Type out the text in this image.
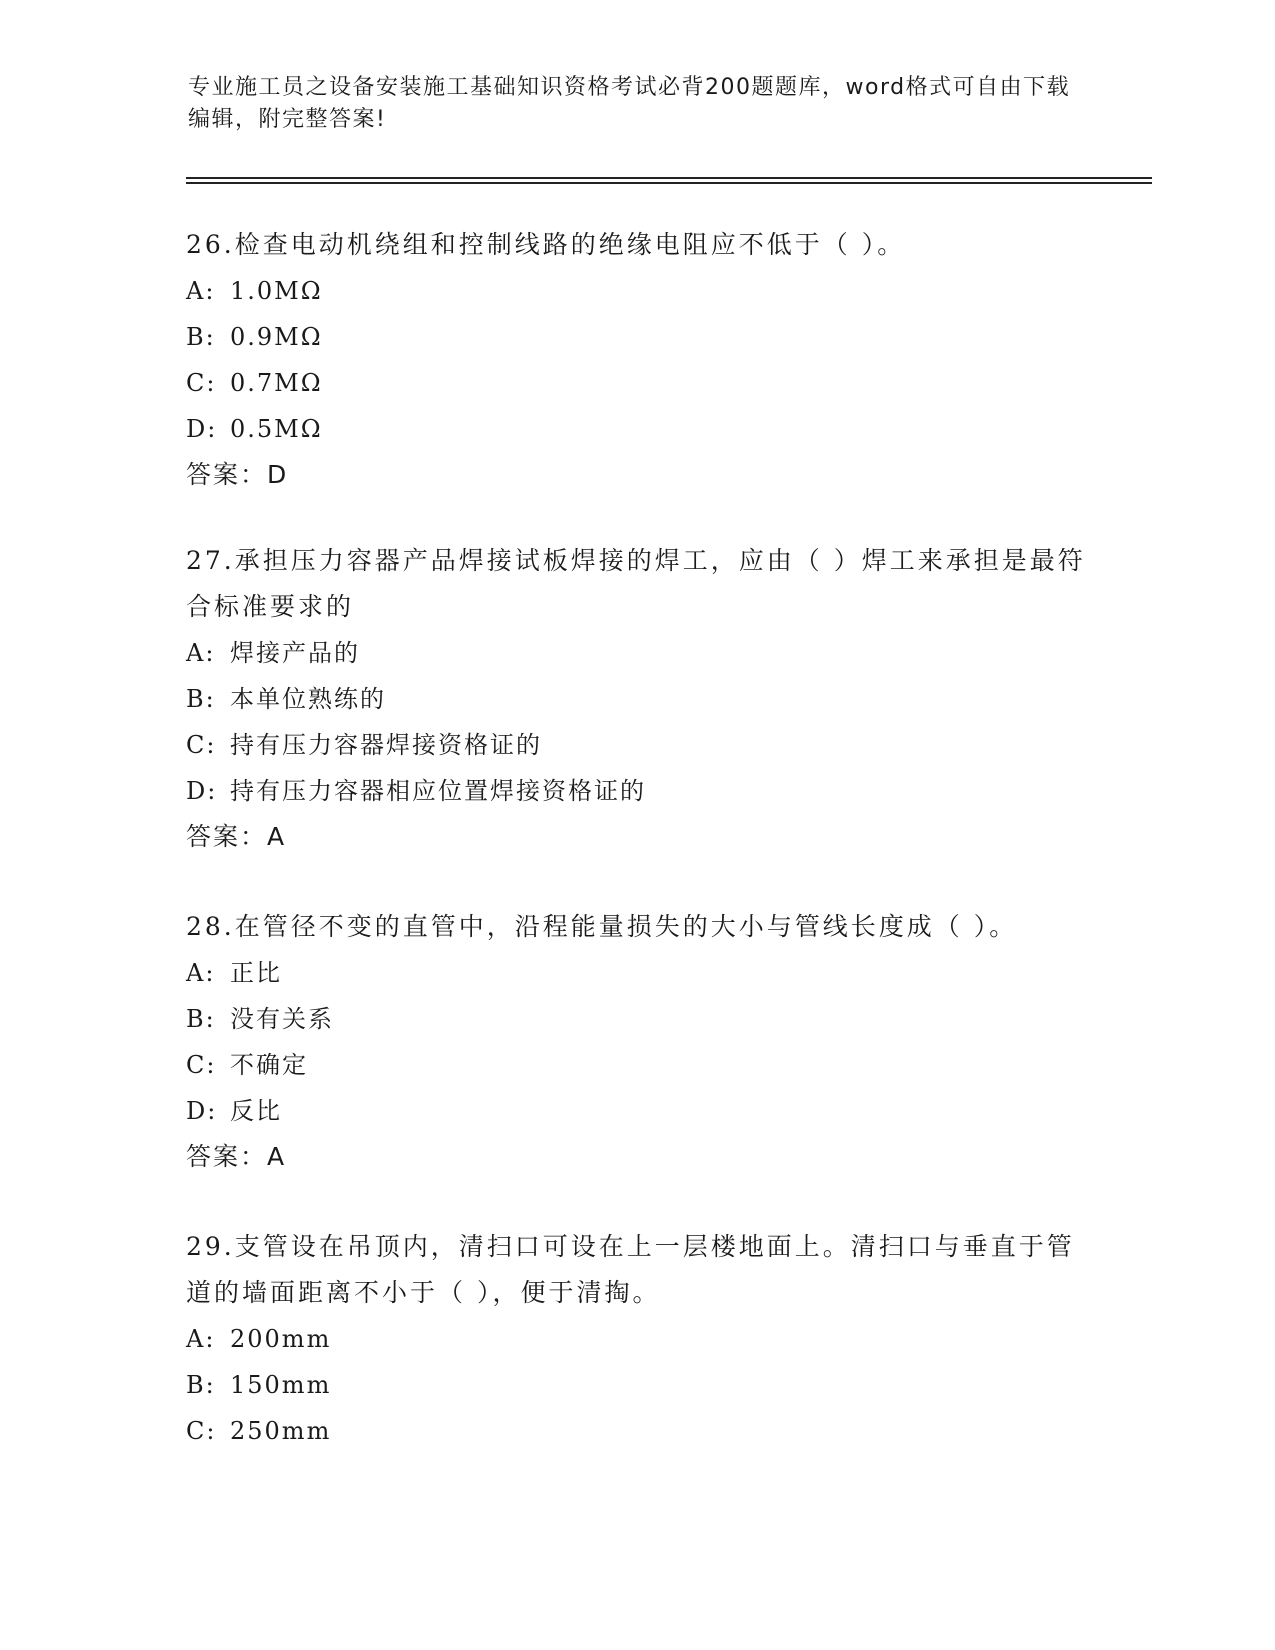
专业施工员之设备安装施工基础知识资格考试必背200题题库，word格式可自由下载编辑，附完整答案!

26.检查电动机绕组和控制线路的绝缘电阻应不低于（ ）。

A: 1.0MΩ
B: 0.9MΩ
C: 0.7MΩ
D: 0.5MΩ
答案：D

27.承担压力容器产品焊接试板焊接的焊工，应由（ ）焊工来承担是最符合标准要求的

A: 焊接产品的
B: 本单位熟练的
C: 持有压力容器焊接资格证的
D: 持有压力容器相应位置焊接资格证的
答案：A

28.在管径不变的直管中，沿程能量损失的大小与管线长度成（ ）。

A: 正比
B: 没有关系
C: 不确定
D: 反比
答案：A

29.支管设在吊顶内，清扫口可设在上一层楼地面上。清扫口与垂直于管道的墙面距离不小于（ ），便于清掏。

A: 200mm
B: 150mm
C: 250mm
